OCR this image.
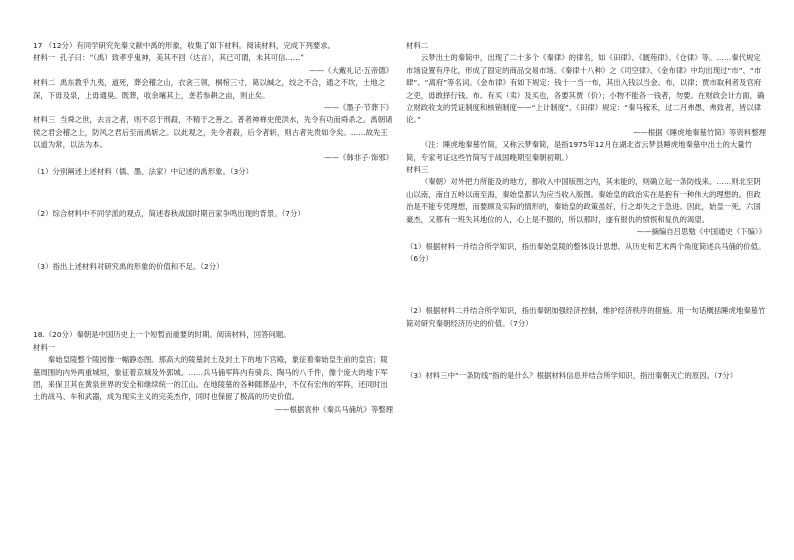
17 （12分）有同学研究先秦文献中禹的形象，收集了如下材料。阅读材料，完成下列要求。

材料一 孔子曰：“（禹）致孝乎鬼神，美其不回（达言），其已可谓，未其可信……”

——《大戴礼记·五帝德》

材料二 禹东教乎九夷，道死，葬会稽之山，衣衾三领，桐棺三寸，葛以缄之，绞之不合，通之不坎，土地之深，下毋及泉，上毋通臭。既葬，收余壤其上，垄若参耕之亩，则止矣。

——《墨子·节葬下》

材料三 当舜之世，去言之者，则不忍于刑殺，不精于之善之。普者神禅史使洪水，先令有功而舜杀之。禹朝诸侯之君会稽之上，防风之君后至而禹斩之。以此观之，先令者殺，后令者斩，则古者先贵如令矣。……故先王以道为常，以法为本。

——《韩非子·饰邪》

（1）分别阐述上述材料（儒、墨、法家）中记述的禹形象。（3分）

（2）综合材料中不同学派的观点，简述春秋战国时期百家争鸣出现的背景。（7分）

（3）指出上述材料对研究禹的形象的价值和不足。（2分）

18.（20分）秦朝是中国历史上一个短暂而重要的时期。阅读材料，回答问题。

材料一

秦始皇陵整个陵园像一幅静态图。那高大的陵墓封土及封土下的地下宫殿，象征着秦始皇生前的皇宫；陵墓周围的内外两重城垣，象征着京城及外郭城。……兵马俑军阵内有骑兵、陶马的八千件，像个庞大的地下军团，来保卫其在黄泉世界的安全和继续统一的江山。在地陵墓的各种随葬品中，不仅有宏伟的军阵，还同时出土的战马、车和武器，成为现实主义的完美杰作，同时也保留了极高的历史价值。

——根据袁仲《秦兵马俑坑》等整理

材料二

云梦出土的秦简中，出现了二十多个《秦律》的律名，如《田律》、《厩苑律》、《仓律》等。……秦代规定市场设置有序化，形成了固定的商品交易市场。《秦律十八种》之《司空律》、《金布律》中均出现过“市”、“市肆”、“离府”等名词。《金布律》有如下规定：钱十一当一布，其出入钱以当金、布，以律；贾市取利者及官府之吏，毋敢择行钱、布。有买（卖）及买也，各要其贾（价）；小物不能各一钱者，勿要。在财政会计方面，确立财政收支的凭证制度和核销制度——“上计制度”。《田律》规定：“秦马稼禾，过二月弗愚、弗致者，皆以律论。”

——根据《睡虎地秦墓竹简》等资料整理

（注：睡虎地秦墓竹简，又称云梦秦简，是指1975年12月在湖北省云梦县睡虎地秦墓中出土的大量竹简，专家考证这些竹简写于战国晚期至秦朝初期。）

材料三

（秦朝）对外把力所能及的地方，都收入中国版图之内，其未能的，则确立起一条防线来。……则北至阴山以南，南自五岭以南至海，秦始皇都认为应当收入版图。秦始皇的政治实在是抱有一种伟大的理想的。但政治是不能专凭理想，而要顾及实际的情形的，秦始皇的政策虽好，行之却失之于急进。因此，始皇一死，六国豪杰，又都有一班失其地位的人，心上是不服的，所以那时，遂有报仇的愤恨和复仇的渴望。

——摘编自吕思勉《中国通史（下编）》

（1）根据材料一并结合所学知识，指出秦始皇陵的整体设计思想。从历史和艺术两个角度简述兵马俑的价值。（6分）

（2）根据材料二并结合所学知识，指出秦朝加强经济控制，维护经济秩序的措施。用一句话概括睡虎地秦墓竹简对研究秦朝经济历史的价值。（7分）

（3）材料三中“一条防线”指的是什么？根据材料信息并结合所学知识，指出秦朝灭亡的原因。（7分）
